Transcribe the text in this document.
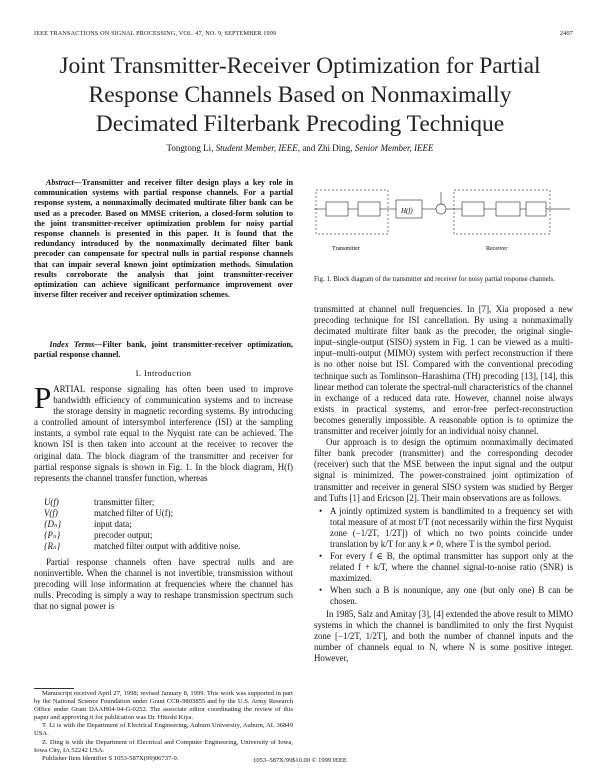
IEEE TRANSACTIONS ON SIGNAL PROCESSING, VOL. 47, NO. 9, SEPTEMBER 1999	2407
Joint Transmitter-Receiver Optimization for Partial
Response Channels Based on Nonmaximally
Decimated Filterbank Precoding Technique
Tongtong Li, Student Member, IEEE, and Zhi Ding, Senior Member, IEEE
Abstract—Transmitter and receiver filter design plays a key role in communication systems with partial response channels. For a partial response system, a nonmaximally decimated multirate filter bank can be used as a precoder. Based on MMSE criterion, a closed-form solution to the joint transmitter-receiver optimization problem for noisy partial response channels is presented in this paper. It is found that the redundancy introduced by the nonmaximally decimated filter bank precoder can compensate for spectral nulls in partial response channels that can impair several known joint optimization methods. Simulation results corroborate the analysis that joint transmitter-receiver optimization can achieve significant performance improvement over inverse filter receiver and receiver optimization schemes.
Index Terms—Filter bank, joint transmitter-receiver optimization, partial response channel.
I. Introduction
PARTIAL response signaling has often been used to improve bandwidth efficiency of communication systems and to increase the storage density in magnetic recording systems. By introducing a controlled amount of intersymbol interference (ISI) at the sampling instants, a symbol rate equal to the Nyquist rate can be achieved. The known ISI is then taken into account at the receiver to recover the original data. The block diagram of the transmitter and receiver for partial response signals is shown in Fig. 1. In the block diagram, H(f) represents the channel transfer function, whereas
U(f)	transmitter filter;
V(f)	matched filter of U(f);
{Dₙ}	input data;
{Pₙ}	precoder output;
{Rₙ}	matched filter output with additive noise.

Partial response channels often have spectral nulls and are noninvertible. When the channel is not invertible, transmission without precoding will lose information at frequencies where the channel has nulls. Precoding is simply a way to reshape transmission spectrum such that no signal power is

Manuscript received April 27, 1998; revised January 8, 1999. This work was supported in part by the National Science Foundation under Grant CCR-9803855 and by the U.S. Army Research Office under Grant DAAH04-94-G-0252. The associate editor coordinating the review of this paper and approving it for publication was Dr. Hitoshi Kiya.

T. Li is with the Department of Electrical Engineering, Auburn University, Auburn, AL 36849 USA.

Z. Ding is with the Department of Electrical and Computer Engineering, University of Iowa, Iowa City, IA 52242 USA.

Publisher Item Identifier S 1053-587X(99)06737-9.

H(f)
Transmitter	Receiver
Fig. 1. Block diagram of the transmitter and receiver for noisy partial response channels.

transmitted at channel null frequencies. In [7], Xia proposed a new precoding technique for ISI cancellation. By using a nonmaximally decimated multirate filter bank as the precoder, the original single-input–single-output (SISO) system in Fig. 1 can be viewed as a multi-input–multi-output (MIMO) system with perfect reconstruction if there is no other noise but ISI. Compared with the conventional precoding technique such as Tomlinson–Harashima (TH) precoding [13], [14], this linear method can tolerate the spectral-null characteristics of the channel in exchange of a reduced data rate. However, channel noise always exists in practical systems, and error-free perfect-reconstruction becomes generally impossible. A reasonable option is to optimize the transmitter and receiver jointly for an individual noisy channel.

Our approach is to design the optimum nonmaximally decimated filter bank precoder (transmitter) and the corresponding decoder (receiver) such that the MSE between the input signal and the output signal is minimized. The power-constrained joint optimization of transmitter and receiver in general SISO system was studied by Berger and Tufts [1] and Ericson [2]. Their main observations are as follows.

• A jointly optimized system is bandlimited to a frequency set with total measure of at most f/T (not necessarily within the first Nyquist zone (−1/2T, 1/2T]) of which no two points coincide under translation by k/T for any k ≠ 0, where T is the symbol period.
• For every f ∈ B, the optimal transmitter has support only at the related f + k/T, where the channel signal-to-noise ratio (SNR) is maximized.
• When such a B is nonunique, any one (but only one) B can be chosen.

In 1985, Salz and Amitay [3], [4] extended the above result to MIMO systems in which the channel is bandlimited to only the first Nyquist zone [−1/2T, 1/2T], and both the number of channel inputs and the number of channels equal to N, where N is some positive integer. However,

1053–587X/99$10.00 © 1999 IEEE
